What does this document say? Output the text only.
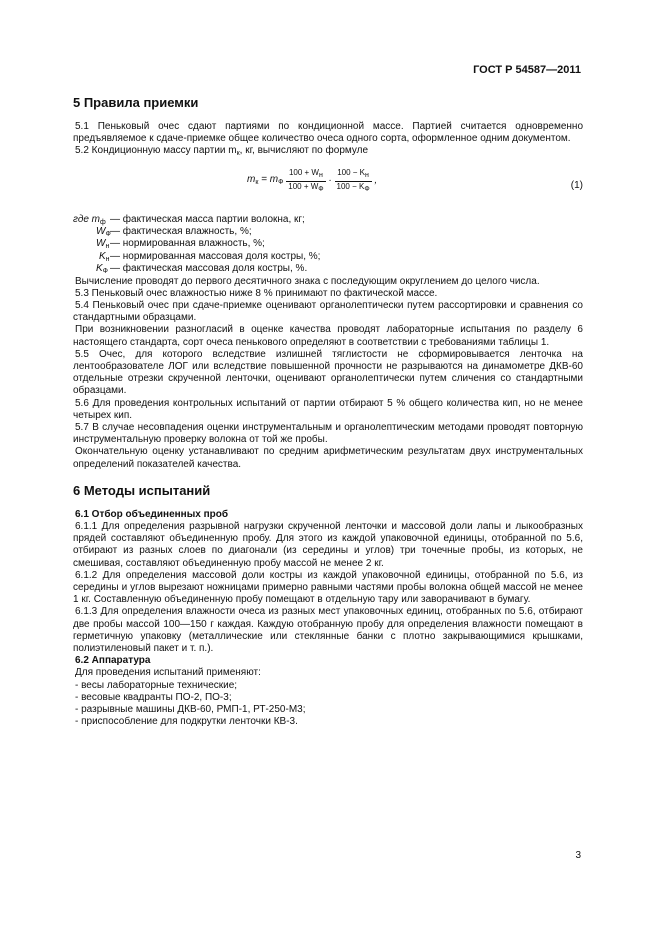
ГОСТ Р 54587—2011
5 Правила приемки

5.1 Пеньковый очес сдают партиями по кондиционной массе. Партией считается одновременно предъявляемое к сдаче-приемке общее количество очеса одного сорта, оформленное одним документом.

5.2 Кондиционную массу партии $m_к$, кг, вычисляют по формуле

$m_к = m_Ф \frac{100 + Wн}{100 + WФ} \cdot \frac{100 - Kн}{100 - KФ}$ ,	(1)
где $m_ф$ — фактическая масса партии волокна, кг;
$W_Ф$ — фактическая влажность, %;
$W_н$ — нормированная влажность, %;
$K_н$ — нормированная массовая доля костры, %;
$K_Ф$ — фактическая массовая доля костры, %.

Вычисление проводят до первого десятичного знака с последующим округлением до целого числа.

5.3 Пеньковый очес влажностью ниже 8 % принимают по фактической массе.

5.4 Пеньковый очес при сдаче-приемке оценивают органолептически путем рассортировки и сравнения со стандартными образцами.

При возникновении разногласий в оценке качества проводят лабораторные испытания по разделу 6 настоящего стандарта, сорт очеса пенькового определяют в соответствии с требованиями таблицы 1.

5.5 Очес, для которого вследствие излишней тяглистости не сформировывается ленточка на лентообразователе ЛОГ или вследствие повышенной прочности не разрываются на динамометре ДКВ-60 отдельные отрезки скрученной ленточки, оценивают органолептически путем сличения со стандартными образцами.

5.6 Для проведения контрольных испытаний от партии отбирают 5 % общего количества кип, но не менее четырех кип.

5.7 В случае несовпадения оценки инструментальным и органолептическим методами проводят повторную инструментальную проверку волокна от той же пробы.

Окончательную оценку устанавливают по средним арифметическим результатам двух инструментальных определений показателей качества.

6 Методы испытаний
6.1 Отбор объединенных проб

6.1.1 Для определения разрывной нагрузки скрученной ленточки и массовой доли лапы и лыкообразных прядей составляют объединенную пробу. Для этого из каждой упаковочной единицы, отобранной по 5.6, отбирают из разных слоев по диагонали (из середины и углов) три точечные пробы, из которых, не смешивая, составляют объединенную пробу массой не менее 2 кг.

6.1.2 Для определения массовой доли костры из каждой упаковочной единицы, отобранной по 5.6, из середины и углов вырезают ножницами примерно равными частями пробы волокна общей массой не менее 1 кг. Составленную объединенную пробу помещают в отдельную тару или заворачивают в бумагу.

6.1.3 Для определения влажности очеса из разных мест упаковочных единиц, отобранных по 5.6, отбирают две пробы массой 100—150 г каждая. Каждую отобранную пробу для определения влажности помещают в герметичную упаковку (металлические или стеклянные банки с плотно закрывающимися крышками, полиэтиленовый пакет и т. п.).

6.2 Аппаратура

Для проведения испытаний применяют:

- весы лабораторные технические;

- весовые квадранты ПО-2, ПО-3;

- разрывные машины ДКВ-60, РМП-1, РТ-250-М3;

- приспособление для подкрутки ленточки КВ-3.

3
